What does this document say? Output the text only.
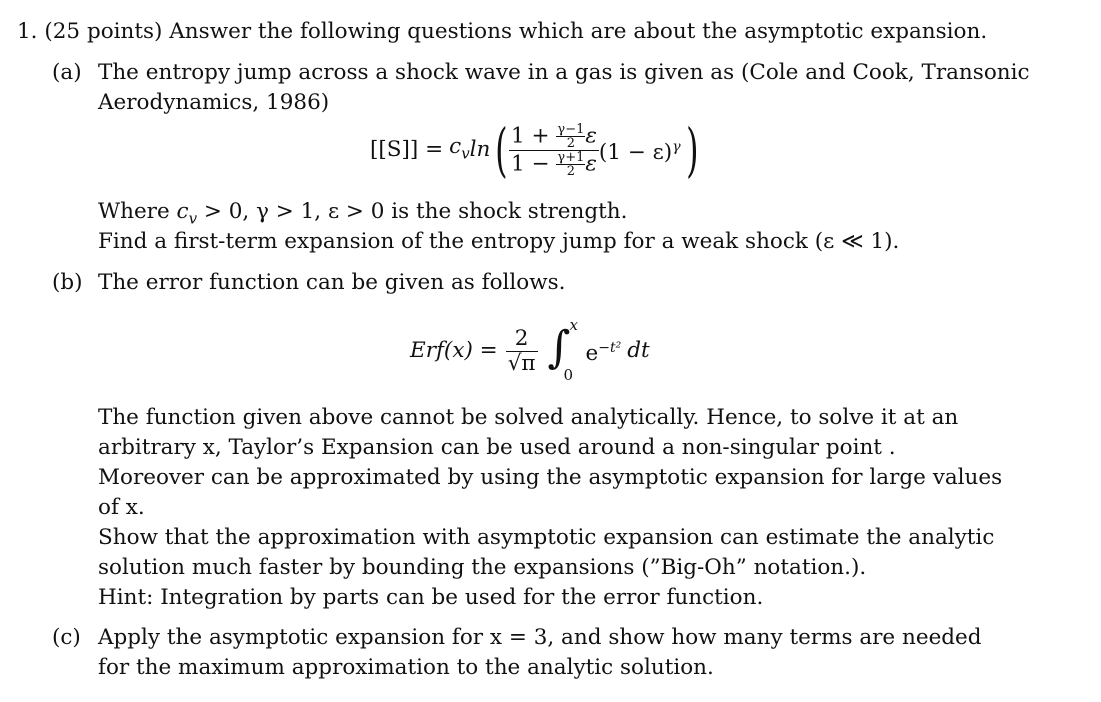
1. (25 points) Answer the following questions which are about the asymptotic expansion.
(a) The entropy jump across a shock wave in a gas is given as (Cole and Cook, Transonic
Aerodynamics, 1986)
$[[S]] = c_v$ ln ( $\frac{1 + \frac{\gamma-1}{2} \varepsilon}{1 - \frac{\gamma+1}{2} \varepsilon} (1 - \varepsilon)^\gamma$ )
Where $c_v > 0$, γ > 1, ε > 0 is the shock strength.
Find a first-term expansion of the entropy jump for a weak shock (ε ≪ 1).
(b) The error function can be given as follows.
$Erf(x) = \frac{2}{√\pi}$ ∫ x
0
$e^{-t^2}$ dt
The function given above cannot be solved analytically. Hence, to solve it at an
arbitrary x, Taylor’s Expansion can be used around a non-singular point .
Moreover can be approximated by using the asymptotic expansion for large values
of x.
Show that the approximation with asymptotic expansion can estimate the analytic
solution much faster by bounding the expansions (”Big-Oh” notation.).
Hint: Integration by parts can be used for the error function.
(c) Apply the asymptotic expansion for x = 3, and show how many terms are needed
for the maximum approximation to the analytic solution.
